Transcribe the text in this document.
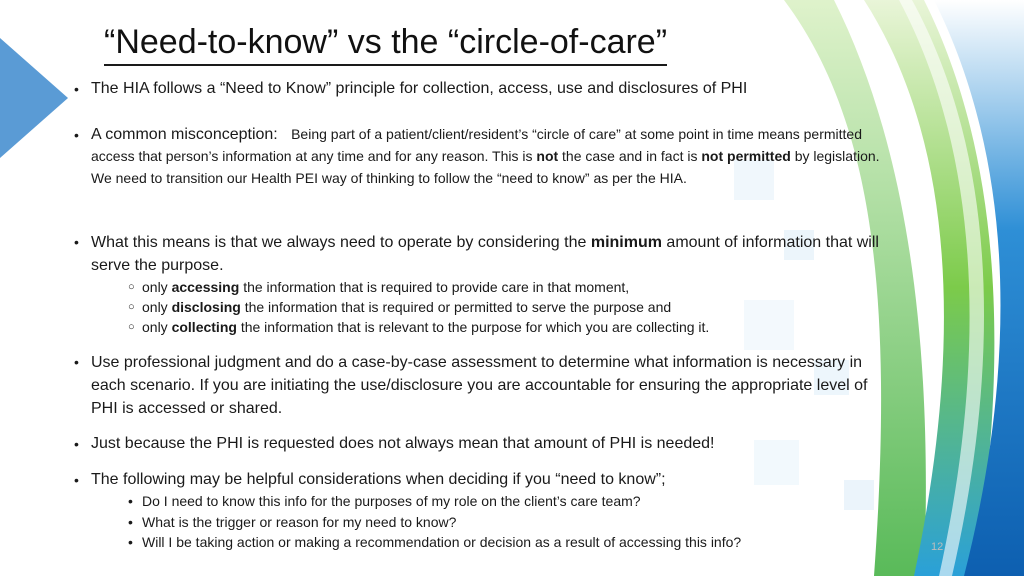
“Need-to-know” vs the “circle-of-care”
• The HIA follows a “Need to Know” principle for collection, access, use and disclosures of PHI
• A common misconception: Being part of a patient/client/resident’s “circle of care” at some point in time means permitted access that person’s information at any time and for any reason. This is not the case and in fact is not permitted by legislation. We need to transition our Health PEI way of thinking to follow the “need to know” as per the HIA.
• What this means is that we always need to operate by considering the minimum amount of information that will serve the purpose.
○ only accessing the information that is required to provide care in that moment,
○ only disclosing the information that is required or permitted to serve the purpose and
○ only collecting the information that is relevant to the purpose for which you are collecting it.
• Use professional judgment and do a case-by-case assessment to determine what information is necessary in each scenario. If you are initiating the use/disclosure you are accountable for ensuring the appropriate level of PHI is accessed or shared.
• Just because the PHI is requested does not always mean that amount of PHI is needed!
• The following may be helpful considerations when deciding if you “need to know”;
• Do I need to know this info for the purposes of my role on the client’s care team?
• What is the trigger or reason for my need to know?
• Will I be taking action or making a recommendation or decision as a result of accessing this info?	12
